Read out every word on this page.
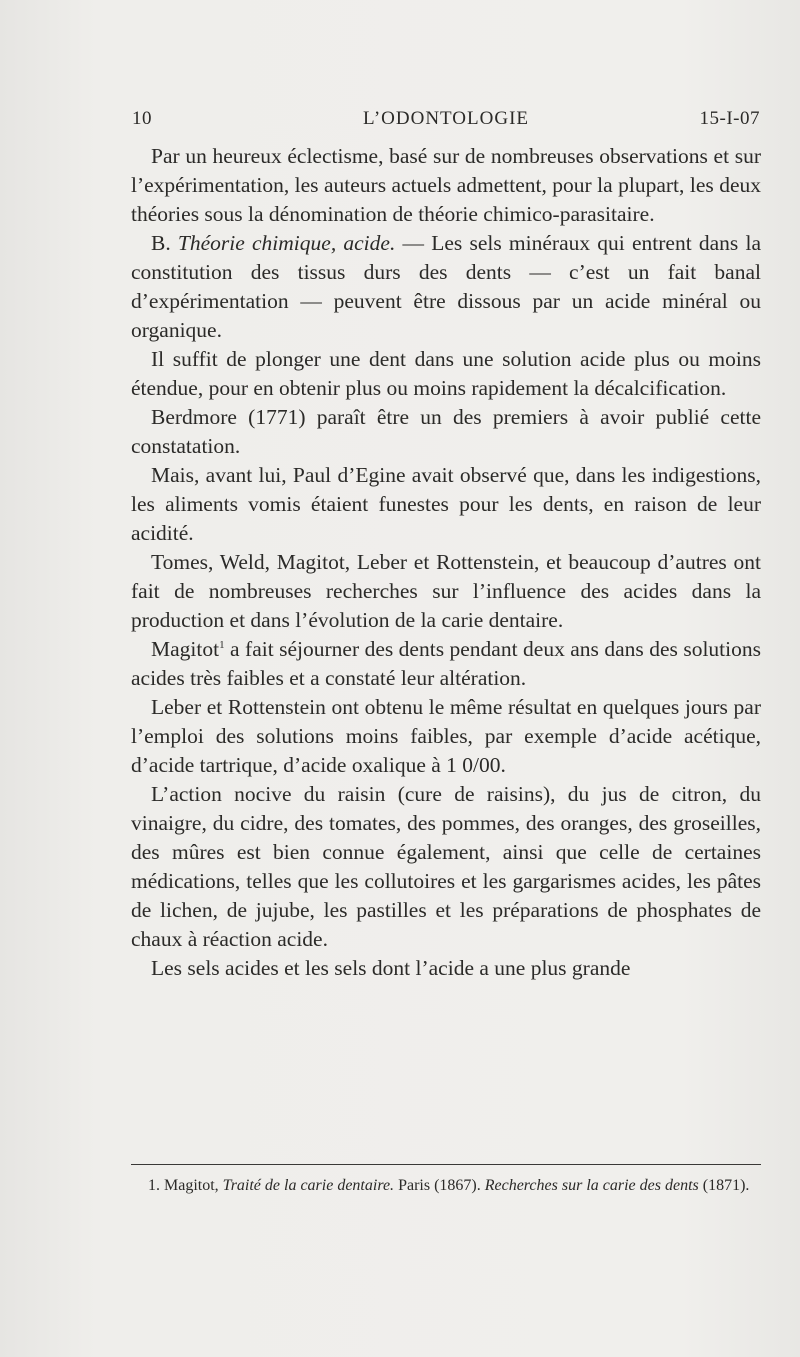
10	L’ODONTOLOGIE	15-I-07

Par un heureux éclectisme, basé sur de nombreuses observations et sur l’expérimentation, les auteurs actuels admettent, pour la plupart, les deux théories sous la dénomination de théorie chimico-parasitaire.

B. Théorie chimique, acide. — Les sels minéraux qui entrent dans la constitution des tissus durs des dents — c’est un fait banal d’expérimentation — peuvent être dissous par un acide minéral ou organique.

Il suffit de plonger une dent dans une solution acide plus ou moins étendue, pour en obtenir plus ou moins rapidement la décalcification.

Berdmore (1771) paraît être un des premiers à avoir publié cette constatation.

Mais, avant lui, Paul d’Egine avait observé que, dans les indigestions, les aliments vomis étaient funestes pour les dents, en raison de leur acidité.

Tomes, Weld, Magitot, Leber et Rottenstein, et beaucoup d’autres ont fait de nombreuses recherches sur l’influence des acides dans la production et dans l’évolution de la carie dentaire.

Magitot$^1$ a fait séjourner des dents pendant deux ans dans des solutions acides très faibles et a constaté leur altération.

Leber et Rottenstein ont obtenu le même résultat en quelques jours par l’emploi des solutions moins faibles, par exemple d’acide acétique, d’acide tartrique, d’acide oxalique à 1 0/00.

L’action nocive du raisin (cure de raisins), du jus de citron, du vinaigre, du cidre, des tomates, des pommes, des oranges, des groseilles, des mûres est bien connue également, ainsi que celle de certaines médications, telles que les collutoires et les gargarismes acides, les pâtes de lichen, de jujube, les pastilles et les préparations de phosphates de chaux à réaction acide.

Les sels acides et les sels dont l’acide a une plus grande

1. Magitot, Traité de la carie dentaire. Paris (1867). Recherches sur la carie des dents (1871).
